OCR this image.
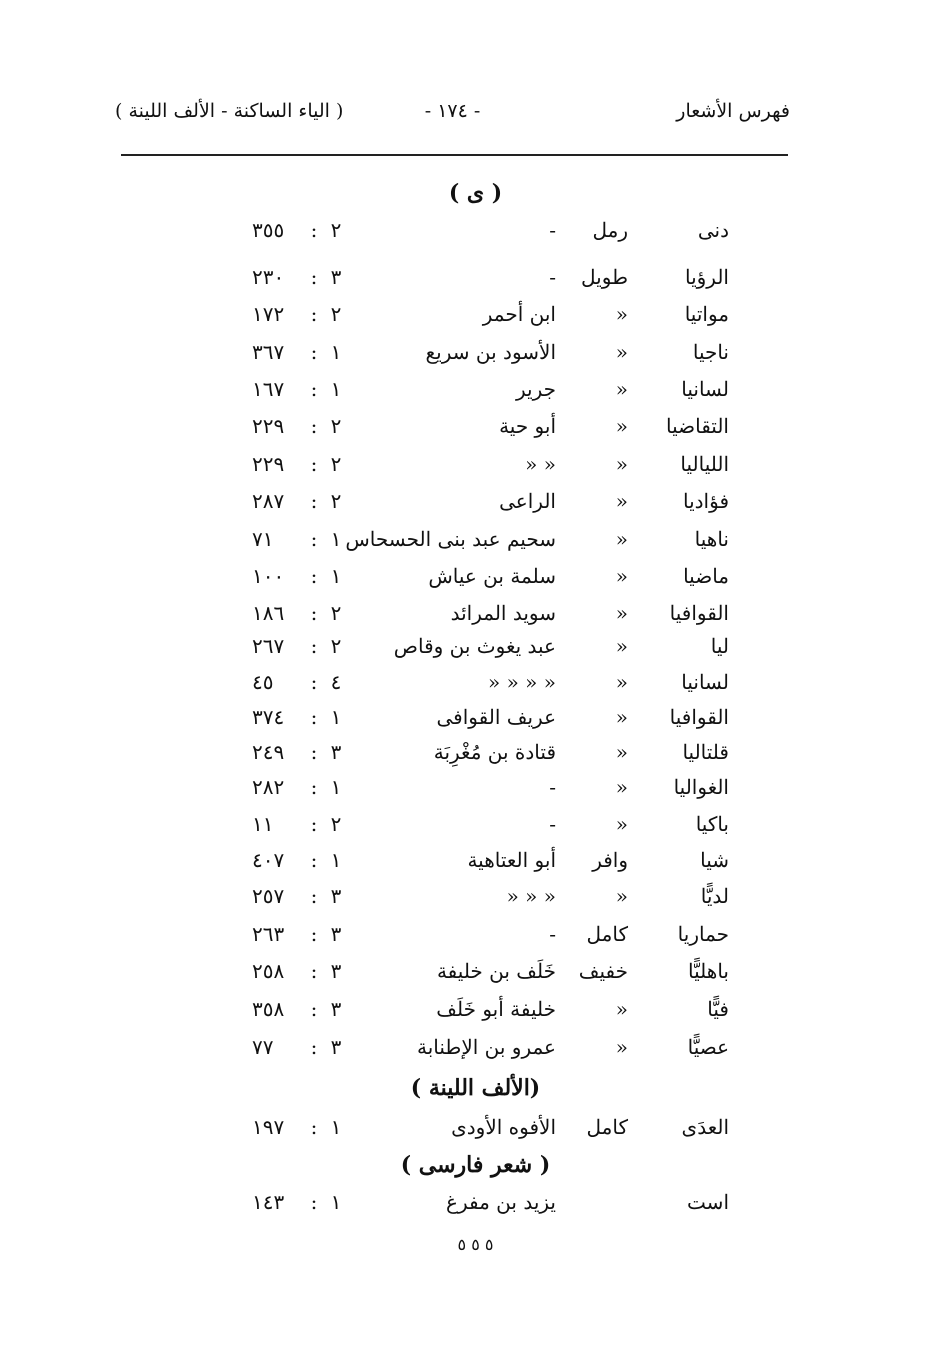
فهرس الأشعار
- ١٧٤ -
( الياء الساكنة - الألف اللينة )
( ى )
دنى
رمل
-
٢
:
٣٥٥
الرؤيا
طويل
-
٣
:
٢٣٠
مواتيا
«
ابن أحمر
٢
:
١٧٢
ناجيا
«
الأسود بن سريع
١
:
٣٦٧
لسانيا
«
جرير
١
:
١٦٧
التقاضيا
«
أبو حية
٢
:
٢٢٩
اللياليا
«
« «
٢
:
٢٢٩
فؤاديا
«
الراعى
٢
:
٢٨٧
ناهيا
«
سحيم عبد بنى الحسحاس
١
:
٧١
ماضيا
«
سلمة بن عياش
١
:
١٠٠
القوافيا
«
سويد المرائد
٢
:
١٨٦
ليا
«
عبد يغوث بن وقاص
٢
:
٢٦٧
لسانيا
«
« « « «
٤
:
٤٥
القوافيا
«
عريف القوافى
١
:
٣٧٤
قلتاليا
«
قتادة بن مُغْرِبَة
٣
:
٢٤٩
الغواليا
«
-
١
:
٢٨٢
باكيا
«
-
٢
:
١١
شيا
وافر
أبو العتاهية
١
:
٤٠٧
لديًّا
«
« « «
٣
:
٢٥٧
حماريا
كامل
-
٣
:
٢٦٣
باهليًّا
خفيف
خَلَف بن خليفة
٣
:
٢٥٨
فيًّا
«
خليفة أبو خَلَف
٣
:
٣٥٨
عصيًّا
«
عمرو بن الإطنابة
٣
:
٧٧
(الألف اللينة )
العدَى
كامل
الأفوه الأودى
١
:
١٩٧
( شعر فارسى )
است
يزيد بن مفرغ
١
:
١٤٣
٥ ٥ ٥
